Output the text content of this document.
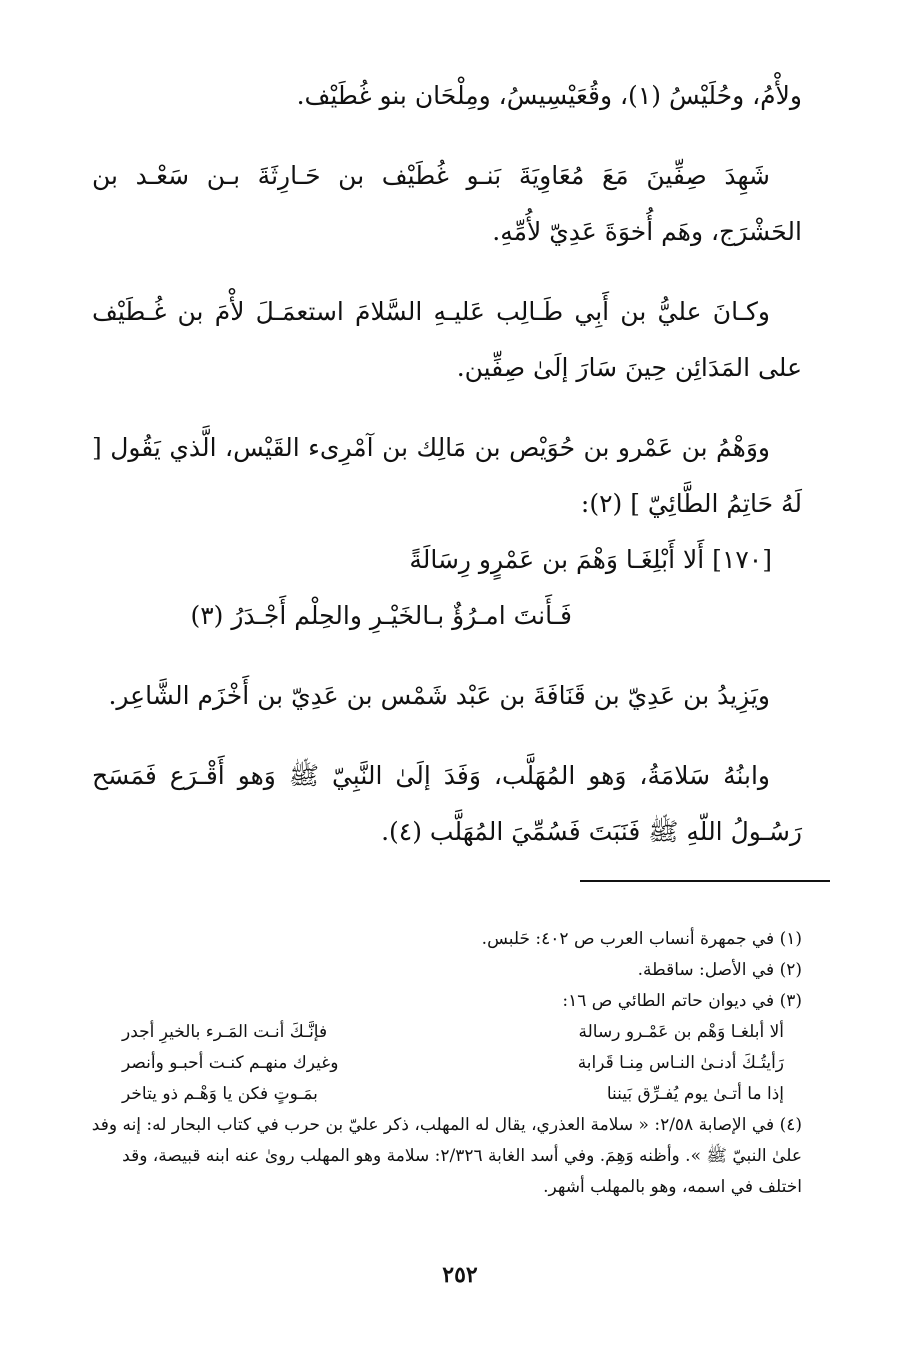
ولأْمُ، وحُلَيْسُ (١)، وقُعَيْسِيسُ، ومِلْحَان بنو غُطَيْف.

شَهِدَ صِفِّينَ مَعَ مُعَاوِيَةَ بَنـو غُطَيْف بن حَـارِثَةَ بـن سَعْـد بن الحَشْرَج، وهَم أُخوَةَ عَدِيّ لأُمِّهِ.

وكـانَ عليُّ بن أَبِي طَـالِب عَليـهِ السَّلامَ استعمَـلَ لأْمَ بن غُـطَيْف على المَدَائِن حِينَ سَارَ إلَىٰ صِفِّين.

ووَهْمُ بن عَمْرو بن حُوَيْص بن مَالِك بن آمْرِىء القَيْس، الَّذي يَقُول [ لَهُ حَاتِمُ الطَّائِيّ ] (٢):

[١٧٠] أَلا أَبْلِغَـا وَهْمَ بن عَمْرٍو رِسَالَةً

فَـأَنتَ امـرُؤٌ بـالخَيْـرِ والحِلْم أَجْـدَرُ (٣)

ويَزِيدُ بن عَدِيّ بن قَنَافَةَ بن عَبْد شَمْس بن عَدِيّ بن أَخْزَم الشَّاعِر.

وابنُهُ سَلامَةُ، وَهو المُهَلَّب، وَفَدَ إلَىٰ النَّبِيّ ﷺ وَهو أَقْـرَع فَمَسَح رَسُـولُ اللّهِ ﷺ فَنَبَتَ فَسُمِّيَ المُهَلَّب (٤).

(١) في جمهرة أنساب العرب ص ٤٠٢: حَلبس.

(٢) في الأصل: ساقطة.

(٣) في ديوان حاتم الطائي ص ١٦:

ألا أبلغـا وَهْم بن عَمْـرو رسالة
فإنَّـكَ أنـت المَـرء بالخيرِ أجدر
رَأيتُـكَ أدنـىٰ النـاس مِنـا قَرابة
وغيرك منهـم كنـت أحبـو وأنصر
إذا ما أتـىٰ يوم يُفـرِّق بَيننا
بمَـوتٍ فكن يا وَهْـم ذو يتاخر

(٤) في الإصابة ٢/٥٨: « سلامة العذري، يقال له المهلب، ذكر عليّ بن حرب في كتاب البحار له: إنه وفد علىٰ النبيّ ﷺ ». وأظنه وَهِمَ. وفي أسد الغابة ٢/٣٢٦: سلامة وهو المهلب روىٰ عنه ابنه قبيصة، وقد اختلف في اسمه، وهو بالمهلب أشهر.

٢٥٢
